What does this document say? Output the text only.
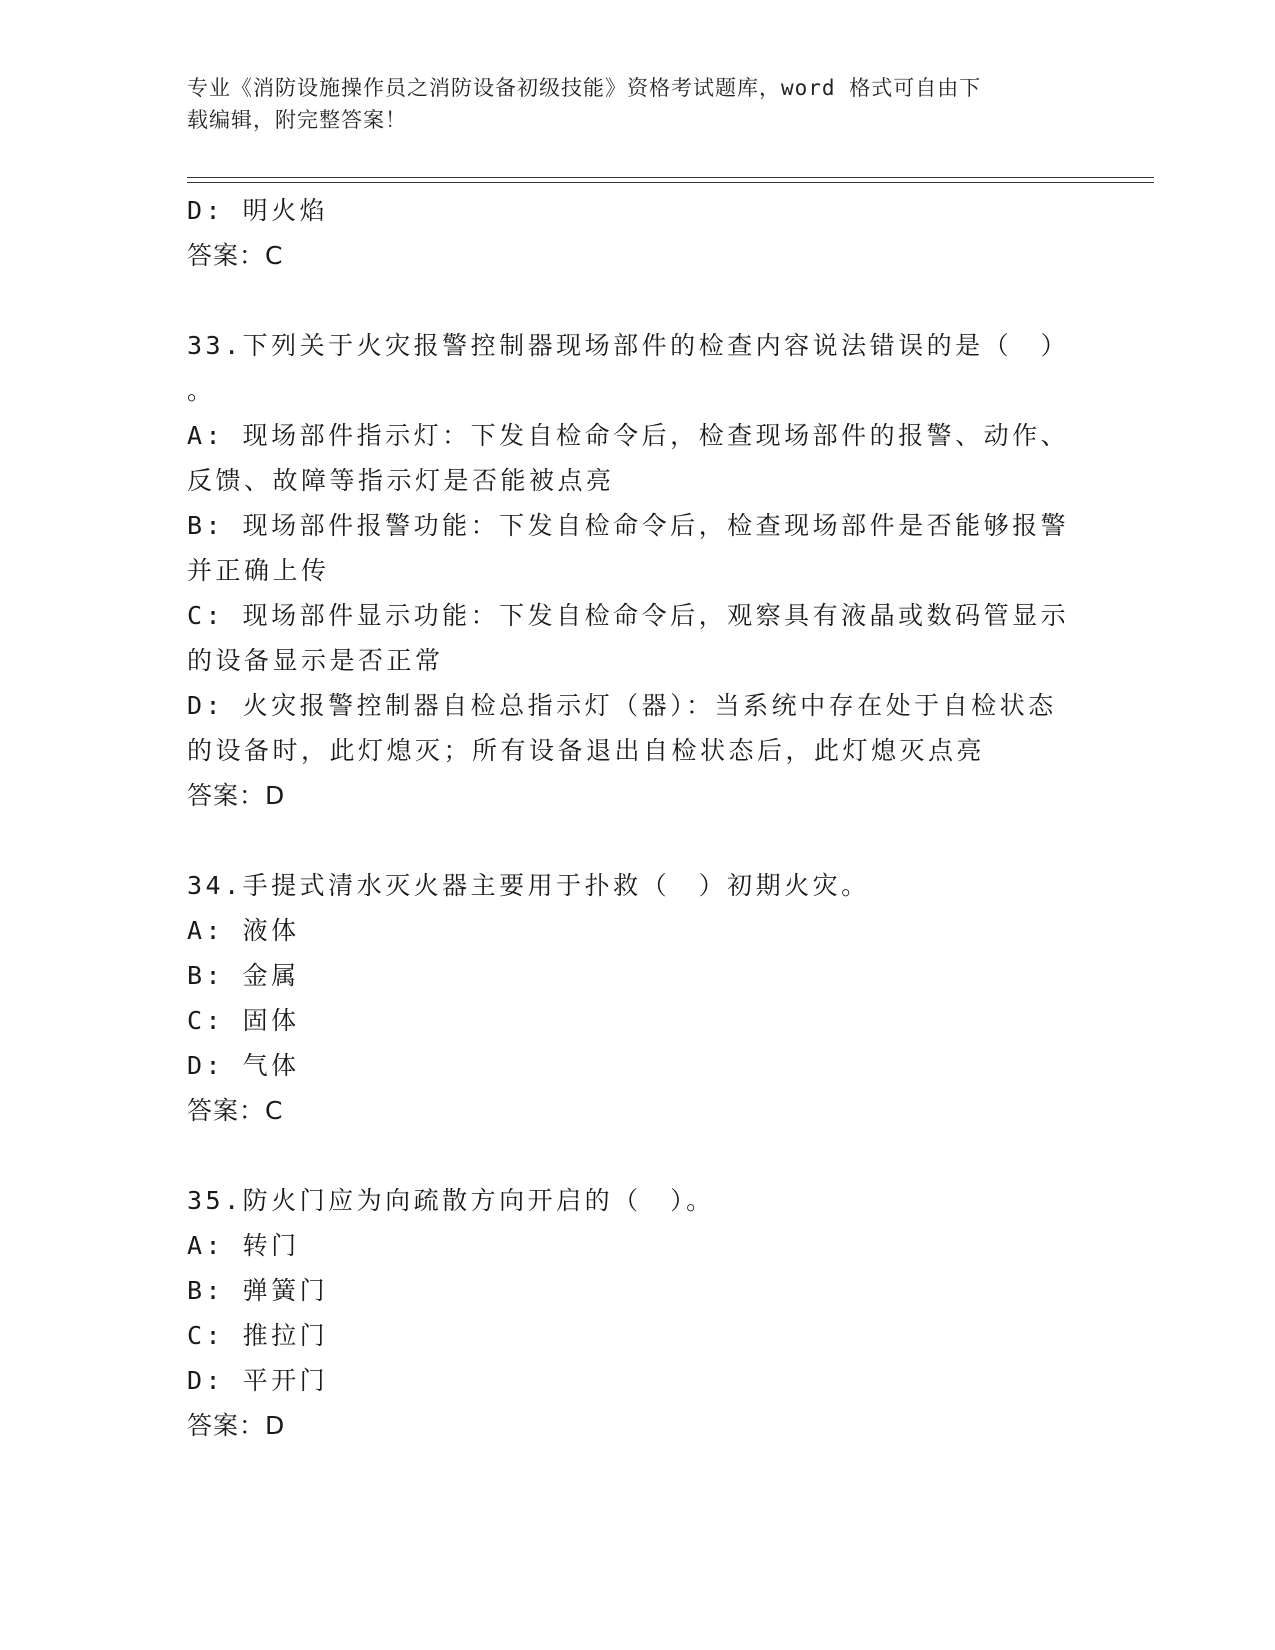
专业《消防设施操作员之消防设备初级技能》资格考试题库，word 格式可自由下
载编辑，附完整答案！
D: 明火焰
答案：C
33.下列关于火灾报警控制器现场部件的检查内容说法错误的是（　）
。
A: 现场部件指示灯：下发自检命令后，检查现场部件的报警、动作、
反馈、故障等指示灯是否能被点亮
B: 现场部件报警功能：下发自检命令后，检查现场部件是否能够报警
并正确上传
C: 现场部件显示功能：下发自检命令后，观察具有液晶或数码管显示
的设备显示是否正常
D: 火灾报警控制器自检总指示灯（器）：当系统中存在处于自检状态
的设备时，此灯熄灭；所有设备退出自检状态后，此灯熄灭点亮
答案：D
34.手提式清水灭火器主要用于扑救（　）初期火灾。
A: 液体
B: 金属
C: 固体
D: 气体
答案：C
35.防火门应为向疏散方向开启的（　）。
A: 转门
B: 弹簧门
C: 推拉门
D: 平开门
答案：D
